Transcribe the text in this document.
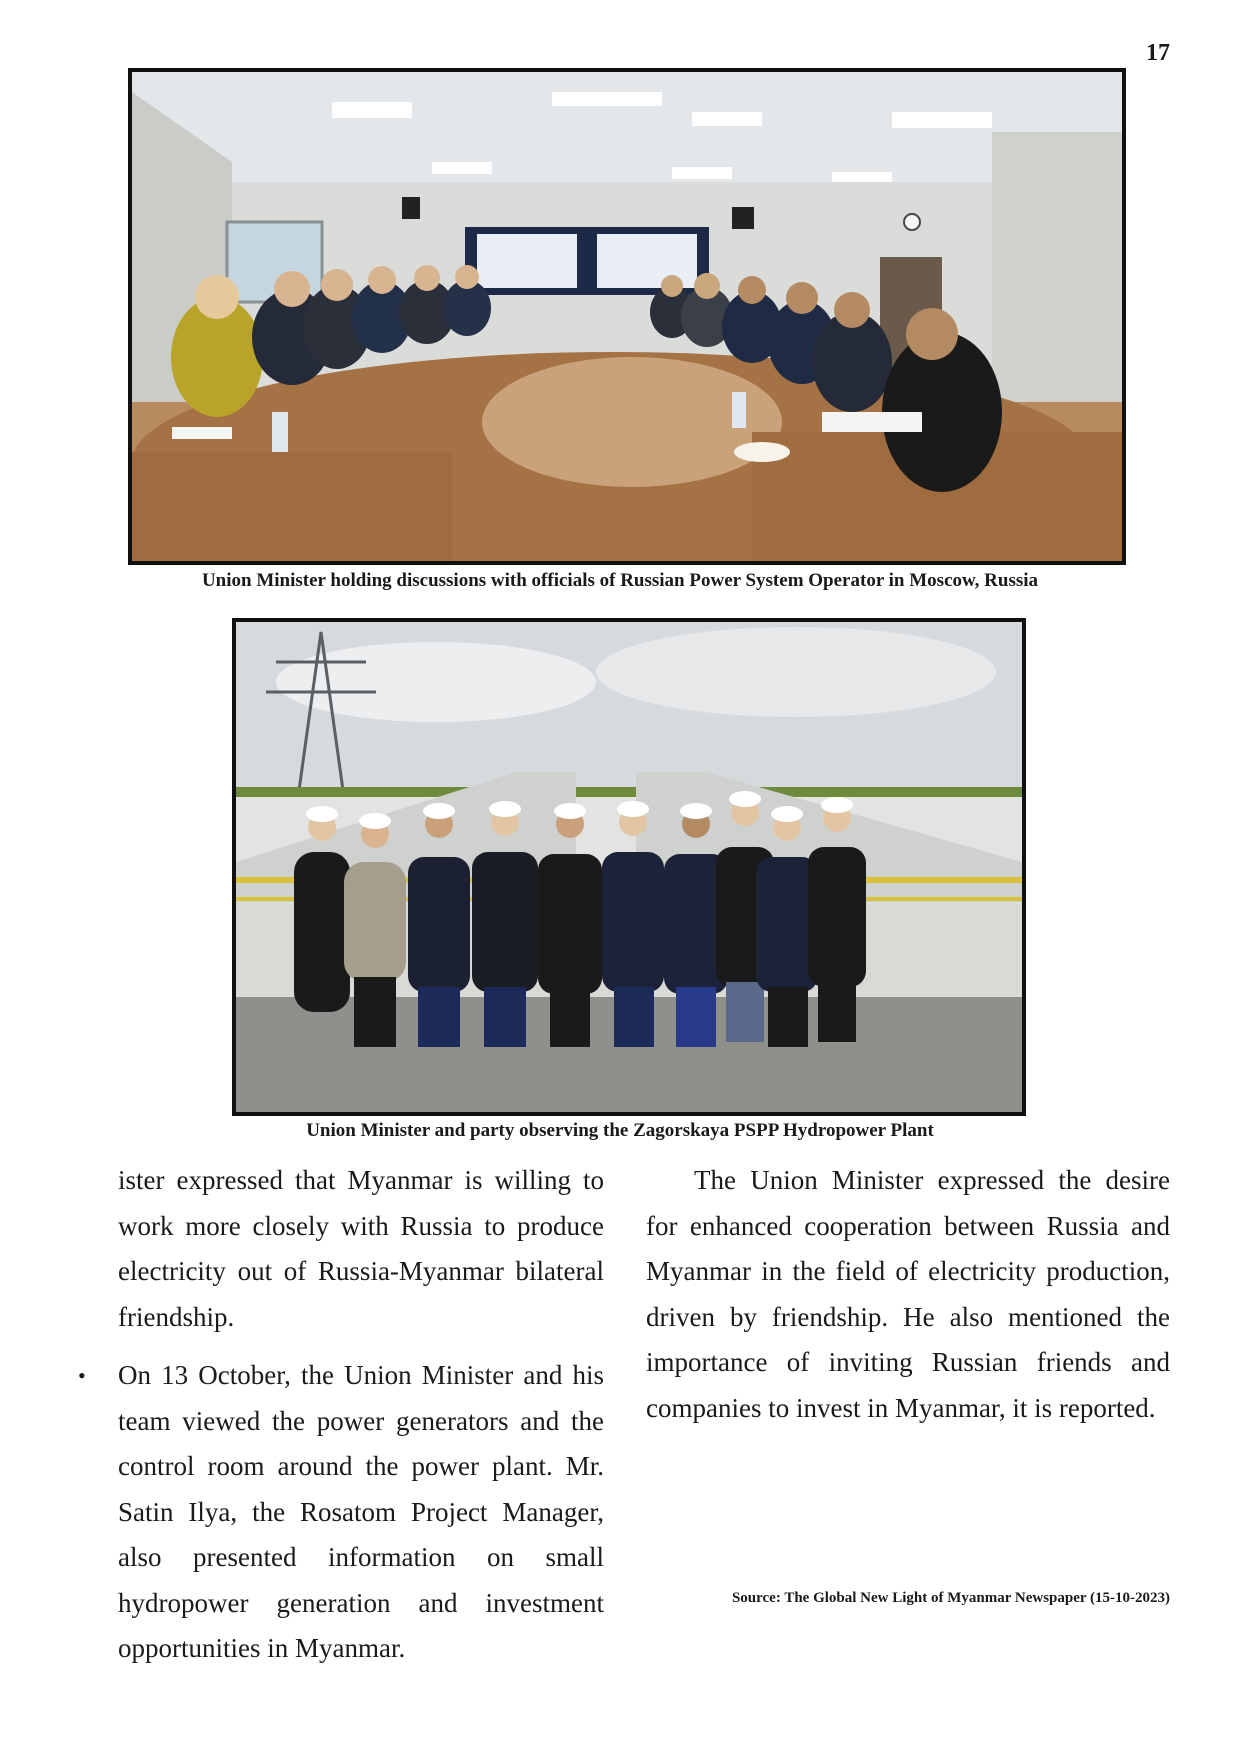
17
Union Minister holding discussions with officials of Russian Power System Operator in Moscow, Russia
Union Minister and party observing the Zagorskaya PSPP Hydropower Plant

ister expressed that Myanmar is willing to work more closely with Russia to produce electricity out of Russia-Myanmar bilateral friendship.

• On 13 October, the Union Minister and his team viewed the power generators and the control room around the power plant. Mr. Satin Ilya, the Rosatom Project Manager, also presented information on small hydropower generation and investment opportunities in Myanmar.

The Union Minister expressed the desire for enhanced cooperation between Russia and Myanmar in the field of electricity production, driven by friendship. He also mentioned the importance of inviting Russian friends and companies to invest in Myanmar, it is reported.

Source: The Global New Light of Myanmar Newspaper (15-10-2023)
